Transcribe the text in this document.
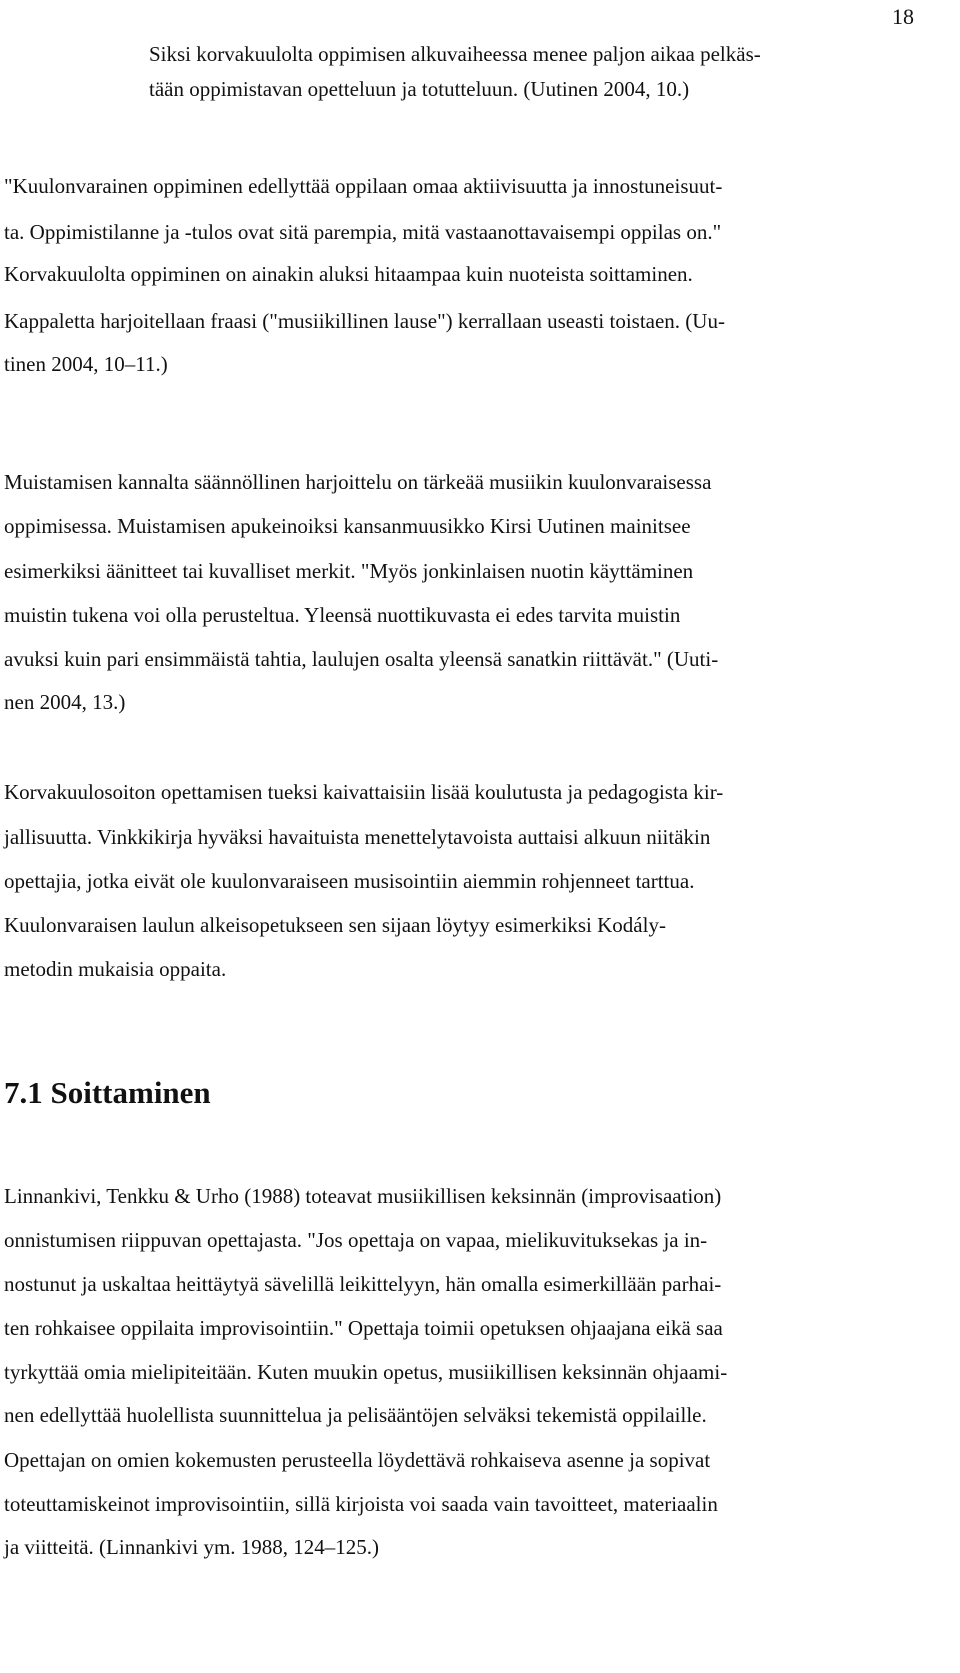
18
Siksi korvakuulolta oppimisen alkuvaiheessa menee paljon aikaa pelkäs-
tään oppimistavan opetteluun ja totutteluun. (Uutinen 2004, 10.)
"Kuulonvarainen oppiminen edellyttää oppilaan omaa aktiivisuutta ja innostuneisuut-
ta. Oppimistilanne ja -tulos ovat sitä parempia, mitä vastaanottavaisempi oppilas on."
Korvakuulolta oppiminen on ainakin aluksi hitaampaa kuin nuoteista soittaminen.
Kappaletta harjoitellaan fraasi ("musiikillinen lause") kerrallaan useasti toistaen. (Uu-
tinen 2004, 10–11.)
Muistamisen kannalta säännöllinen harjoittelu on tärkeää musiikin kuulonvaraisessa
oppimisessa. Muistamisen apukeinoiksi kansanmuusikko Kirsi Uutinen mainitsee
esimerkiksi äänitteet tai kuvalliset merkit. "Myös jonkinlaisen nuotin käyttäminen
muistin tukena voi olla perusteltua. Yleensä nuottikuvasta ei edes tarvita muistin
avuksi kuin pari ensimmäistä tahtia, laulujen osalta yleensä sanatkin riittävät." (Uuti-
nen 2004, 13.)
Korvakuulosoiton opettamisen tueksi kaivattaisiin lisää koulutusta ja pedagogista kir-
jallisuutta. Vinkkikirja hyväksi havaituista menettelytavoista auttaisi alkuun niitäkin
opettajia, jotka eivät ole kuulonvaraiseen musisointiin aiemmin rohjenneet tarttua.
Kuulonvaraisen laulun alkeisopetukseen sen sijaan löytyy esimerkiksi Kodály-
metodin mukaisia oppaita.
7.1 Soittaminen
Linnankivi, Tenkku & Urho (1988) toteavat musiikillisen keksinnän (improvisaation)
onnistumisen riippuvan opettajasta. "Jos opettaja on vapaa, mielikuvituksekas ja in-
nostunut ja uskaltaa heittäytyä sävelillä leikittelyyn, hän omalla esimerkillään parhai-
ten rohkaisee oppilaita improvisointiin." Opettaja toimii opetuksen ohjaajana eikä saa
tyrkyttää omia mielipiteitään. Kuten muukin opetus, musiikillisen keksinnän ohjaami-
nen edellyttää huolellista suunnittelua ja pelisääntöjen selväksi tekemistä oppilaille.
Opettajan on omien kokemusten perusteella löydettävä rohkaiseva asenne ja sopivat
toteuttamiskeinot improvisointiin, sillä kirjoista voi saada vain tavoitteet, materiaalin
ja viitteitä. (Linnankivi ym. 1988, 124–125.)
